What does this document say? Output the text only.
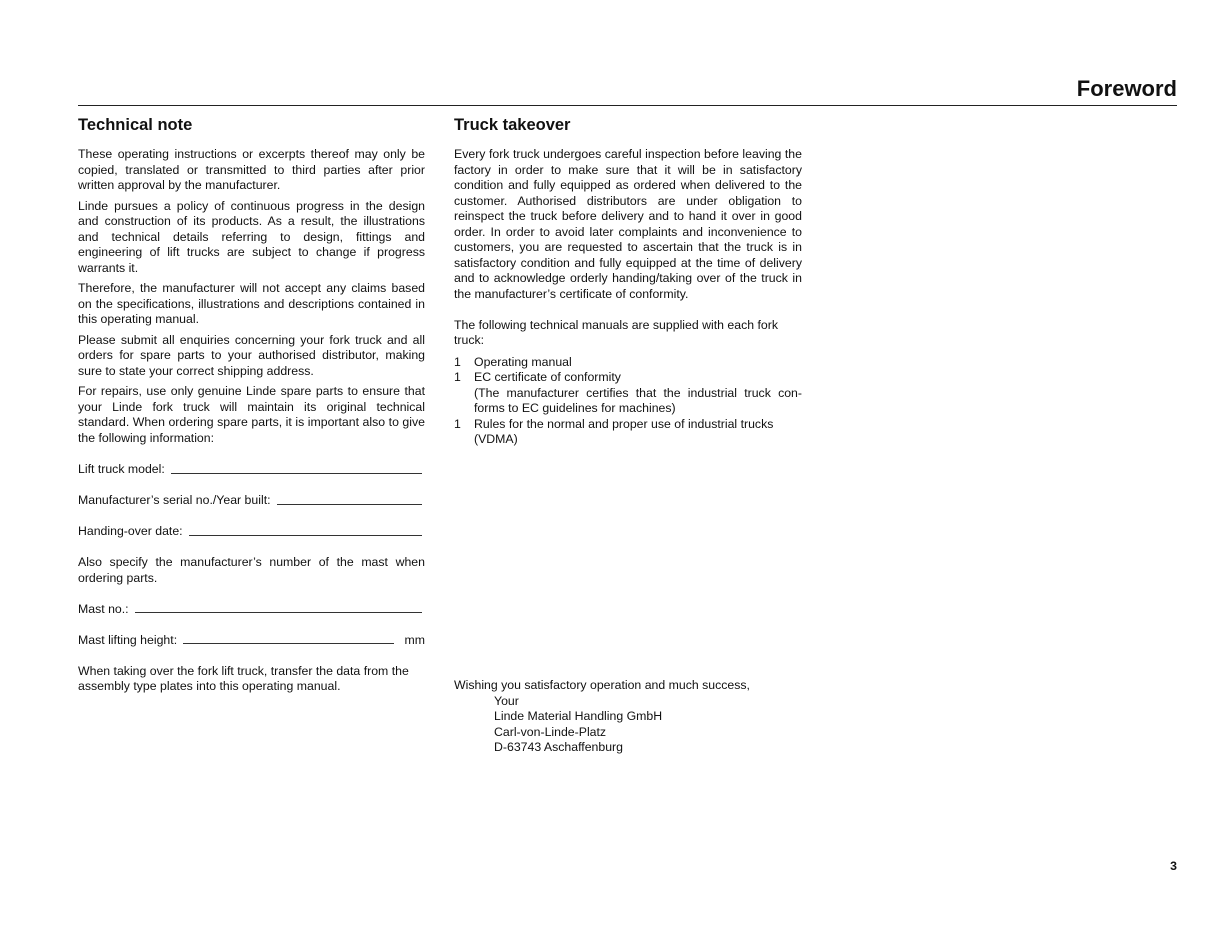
Foreword
Technical note

These operating instructions or excerpts thereof may only be copied, translated or transmitted to third parties after prior written approval by the manufacturer.

Linde pursues a policy of continuous progress in the design and construction of its products. As a result, the illustrations and technical details referring to design, fittings and engineering of lift trucks are subject to change if progress warrants it.

Therefore, the manufacturer will not accept any claims based on the specifications, illustrations and descriptions contained in this operating manual.

Please submit all enquiries concerning your fork truck and all orders for spare parts to your authorised distributor, making sure to state your correct shipping address.

For repairs, use only genuine Linde spare parts to ensure that your Linde fork truck will maintain its original technical standard. When ordering spare parts, it is important also to give the following information:

Lift truck model:
Manufacturer’s serial no./Year built:
Handing-over date:

Also specify the manufacturer’s number of the mast when ordering parts.

Mast no.:
Mast lifting height:	mm

When taking over the fork lift truck, transfer the data from the assembly type plates into this operating manual.

Truck takeover

Every fork truck undergoes careful inspection before leaving the factory in order to make sure that it will be in satisfactory condition and fully equipped as ordered when delivered to the customer. Authorised distributors are under obligation to reinspect the truck before delivery and to hand it over in good order. In order to avoid later complaints and inconvenience to customers, you are requested to ascertain that the truck is in satisfactory condition and fully equipped at the time of delivery and to acknowledge orderly handing/taking over of the truck in the manufacturer’s certificate of conformity.

The following technical manuals are supplied with each fork truck:

1	Operating manual
1	EC certificate of conformity

(The manufacturer certifies that the industrial truck con-forms to EC guidelines for machines)
1	Rules for the normal and proper use of industrial trucks (VDMA)

Wishing you satisfactory operation and much success,

Your

Linde Material Handling GmbH

Carl-von-Linde-Platz

D-63743 Aschaffenburg

3
